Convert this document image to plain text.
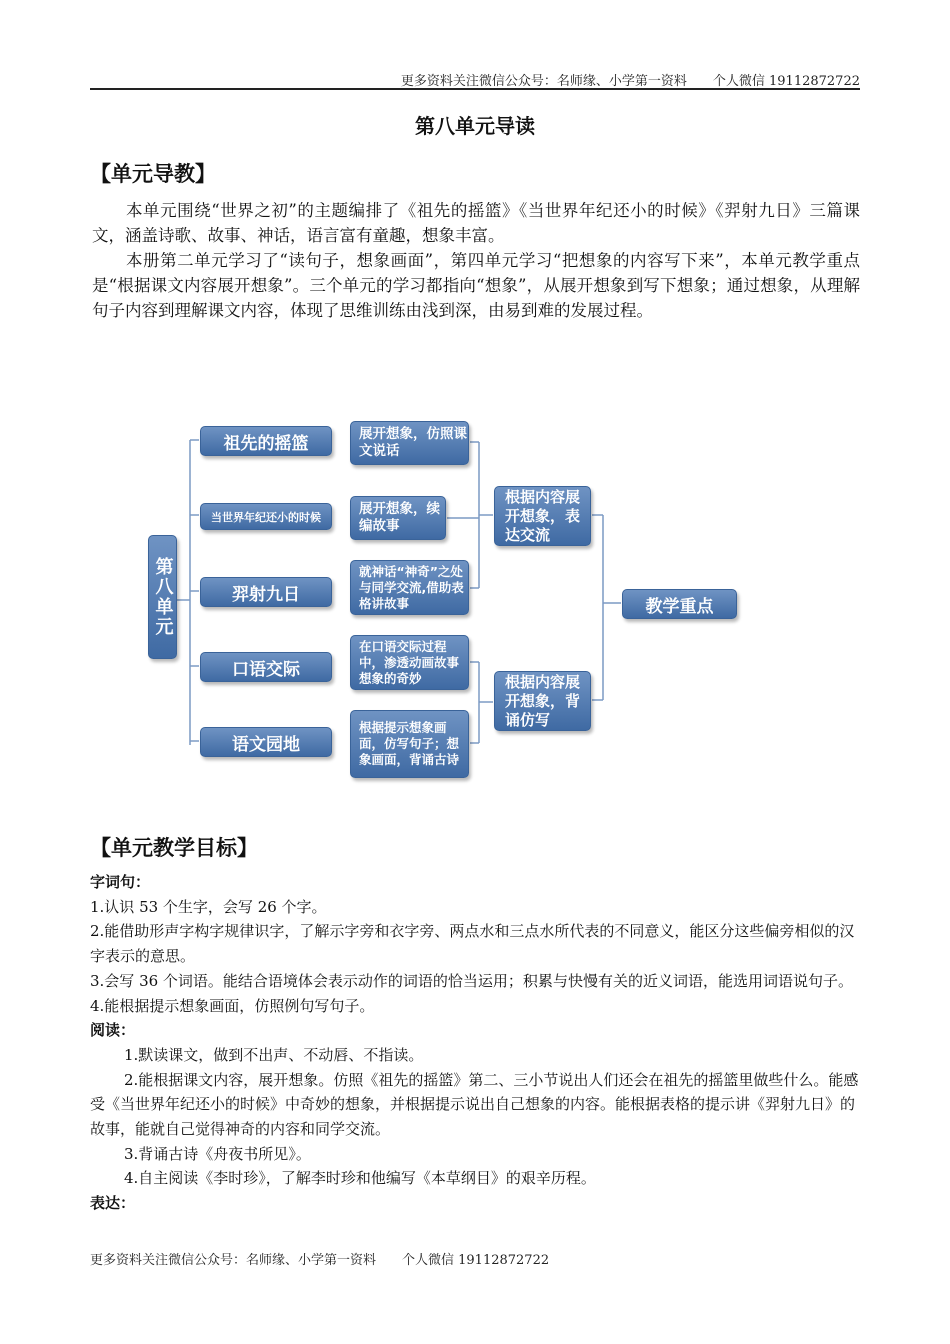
更多资料关注微信公众号：名师缘、小学第一资料　　个人微信 19112872722
第八单元导读
【单元导教】

本单元围绕“世界之初”的主题编排了《祖先的摇篮》《当世界年纪还小的时候》《羿射九日》三篇课文，涵盖诗歌、故事、神话，语言富有童趣，想象丰富。

本册第二单元学习了“读句子，想象画面”，第四单元学习“把想象的内容写下来”，本单元教学重点是“根据课文内容展开想象”。三个单元的学习都指向“想象”，从展开想象到写下想象；通过想象，从理解句子内容到理解课文内容，体现了思维训练由浅到深，由易到难的发展过程。

第八单元
祖先的摇篮
当世界年纪还小的时候
羿射九日
口语交际
语文园地
展开想象，仿照课文说话
展开想象，续编故事
就神话“神奇”之处与同学交流,借助表格讲故事
在口语交际过程中，渗透动画故事想象的奇妙
根据提示想象画面，仿写句子；想象画面，背诵古诗
根据内容展开想象，表达交流
根据内容展开想象，背诵仿写
教学重点
【单元教学目标】

字词句：

1.认识 53 个生字，会写 26 个字。

2.能借助形声字构字规律识字，了解示字旁和衣字旁、两点水和三点水所代表的不同意义，能区分这些偏旁相似的汉字表示的意思。

3.会写 36 个词语。能结合语境体会表示动作的词语的恰当运用；积累与快慢有关的近义词语，能选用词语说句子。

4.能根据提示想象画面，仿照例句写句子。

阅读：

1.默读课文，做到不出声、不动唇、不指读。

2.能根据课文内容，展开想象。仿照《祖先的摇篮》第二、三小节说出人们还会在祖先的摇篮里做些什么。能感受《当世界年纪还小的时候》中奇妙的想象，并根据提示说出自己想象的内容。能根据表格的提示讲《羿射九日》的故事，能就自己觉得神奇的内容和同学交流。

3.背诵古诗《舟夜书所见》。

4.自主阅读《李时珍》，了解李时珍和他编写《本草纲目》的艰辛历程。

表达：

更多资料关注微信公众号：名师缘、小学第一资料　　个人微信 19112872722
